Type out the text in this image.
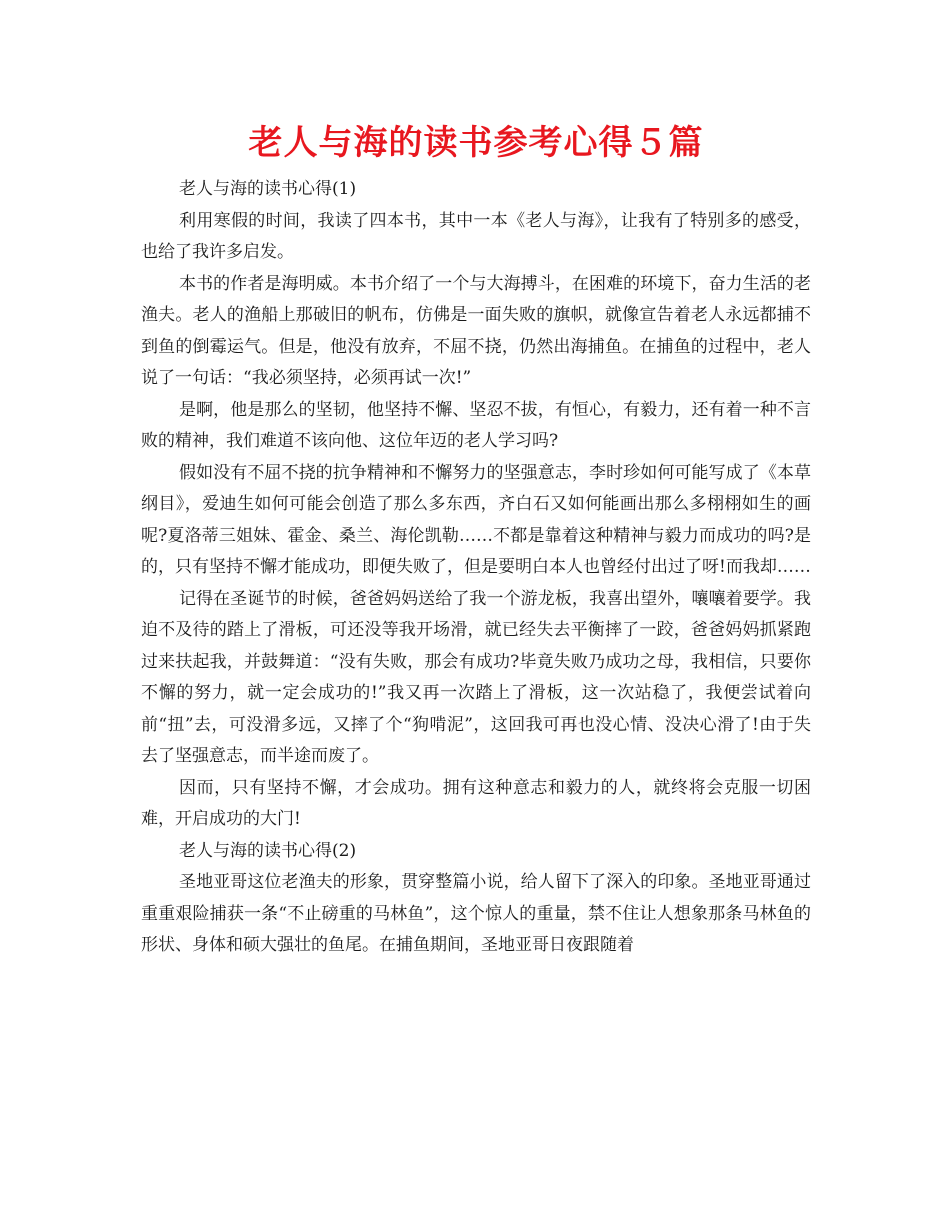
老人与海的读书参考心得５篇

老人与海的读书心得(1)

利用寒假的时间，我读了四本书，其中一本《老人与海》，让我有了特别多的感受，也给了我许多启发。

本书的作者是海明威。本书介绍了一个与大海搏斗，在困难的环境下，奋力生活的老渔夫。老人的渔船上那破旧的帆布，仿佛是一面失败的旗帜，就像宣告着老人永远都捕不到鱼的倒霉运气。但是，他没有放弃，不屈不挠，仍然出海捕鱼。在捕鱼的过程中，老人说了一句话：“我必须坚持，必须再试一次!”

是啊，他是那么的坚韧，他坚持不懈、坚忍不拔，有恒心，有毅力，还有着一种不言败的精神，我们难道不该向他、这位年迈的老人学习吗?

假如没有不屈不挠的抗争精神和不懈努力的坚强意志，李时珍如何可能写成了《本草纲目》，爱迪生如何可能会创造了那么多东西，齐白石又如何能画出那么多栩栩如生的画呢?夏洛蒂三姐妹、霍金、桑兰、海伦凯勒……不都是靠着这种精神与毅力而成功的吗?是的，只有坚持不懈才能成功，即便失败了，但是要明白本人也曾经付出过了呀!而我却……

记得在圣诞节的时候，爸爸妈妈送给了我一个游龙板，我喜出望外，嚷嚷着要学。我迫不及待的踏上了滑板，可还没等我开场滑，就已经失去平衡摔了一跤，爸爸妈妈抓紧跑过来扶起我，并鼓舞道：“没有失败，那会有成功?毕竟失败乃成功之母，我相信，只要你不懈的努力，就一定会成功的!”我又再一次踏上了滑板，这一次站稳了，我便尝试着向前“扭”去，可没滑多远，又摔了个“狗啃泥”，这回我可再也没心情、没决心滑了!由于失去了坚强意志，而半途而废了。

因而，只有坚持不懈，才会成功。拥有这种意志和毅力的人，就终将会克服一切困难，开启成功的大门!

老人与海的读书心得(2)

圣地亚哥这位老渔夫的形象，贯穿整篇小说，给人留下了深入的印象。圣地亚哥通过重重艰险捕获一条“不止磅重的马林鱼”，这个惊人的重量，禁不住让人想象那条马林鱼的形状、身体和硕大强壮的鱼尾。在捕鱼期间，圣地亚哥日夜跟随着
